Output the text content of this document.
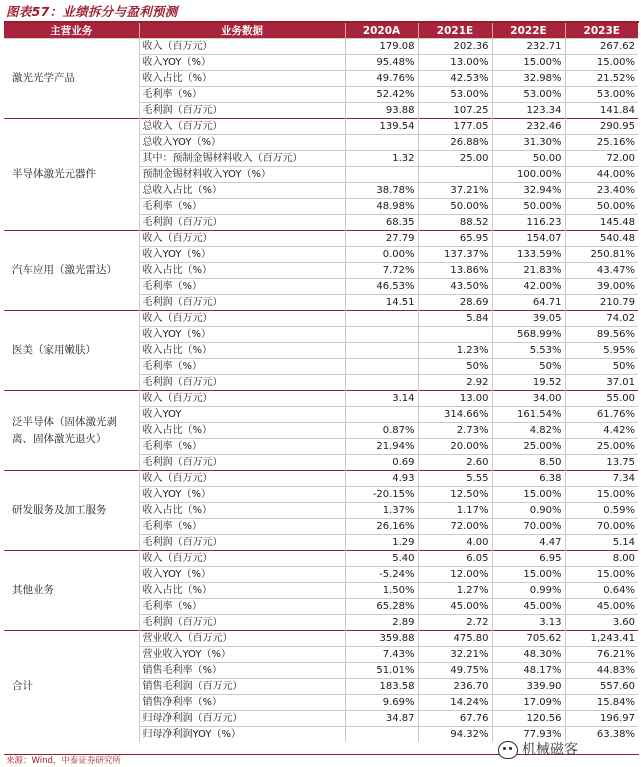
图表57：业绩拆分与盈利预测
主营业务	业务数据	2020A	2021E	2022E	2023E
激光光学产品	收入（百万元）	179.08	202.36	232.71	267.62
	收入YOY（%）	95.48%	13.00%	15.00%	15.00%
	收入占比（%）	49.76%	42.53%	32.98%	21.52%
	毛利率（%）	52.42%	53.00%	53.00%	53.00%
	毛利润（百万元）	93.88	107.25	123.34	141.84
半导体激光元器件	总收入（百万元）	139.54	177.05	232.46	290.95
	总收入YOY（%）		26.88%	31.30%	25.16%
	其中：预制金锡材料收入（百万元）	1.32	25.00	50.00	72.00
	预制金锡材料收入YOY（%）			100.00%	44.00%
	总收入占比（%）	38.78%	37.21%	32.94%	23.40%
	毛利率（%）	48.98%	50.00%	50.00%	50.00%
	毛利润（百万元）	68.35	88.52	116.23	145.48
汽车应用（激光雷达）	收入（百万元）	27.79	65.95	154.07	540.48
	收入YOY（%）	0.00%	137.37%	133.59%	250.81%
	收入占比（%）	7.72%	13.86%	21.83%	43.47%
	毛利率（%）	46.53%	43.50%	42.00%	39.00%
	毛利润（百万元）	14.51	28.69	64.71	210.79
医美（家用嫩肤）	收入（百万元）		5.84	39.05	74.02
	收入YOY（%）			568.99%	89.56%
	收入占比（%）		1.23%	5.53%	5.95%
	毛利率（%）		50%	50%	50%
	毛利润（百万元）		2.92	19.52	37.01
泛半导体（固体激光剥离、固体激光退火）	收入（百万元）	3.14	13.00	34.00	55.00
	收入YOY		314.66%	161.54%	61.76%
	收入占比（%）	0.87%	2.73%	4.82%	4.42%
	毛利率（%）	21.94%	20.00%	25.00%	25.00%
	毛利润（百万元）	0.69	2.60	8.50	13.75
研发服务及加工服务	收入（百万元）	4.93	5.55	6.38	7.34
	收入YOY（%）	-20.15%	12.50%	15.00%	15.00%
	收入占比（%）	1.37%	1.17%	0.90%	0.59%
	毛利率（%）	26.16%	72.00%	70.00%	70.00%
	毛利润（百万元）	1.29	4.00	4.47	5.14
其他业务	收入（百万元）	5.40	6.05	6.95	8.00
	收入YOY（%）	-5.24%	12.00%	15.00%	15.00%
	收入占比（%）	1.50%	1.27%	0.99%	0.64%
	毛利率（%）	65.28%	45.00%	45.00%	45.00%
	毛利润（百万元）	2.89	2.72	3.13	3.60
合计	营业收入（百万元）	359.88	475.80	705.62	1,243.41
	营业收入YOY（%）	7.43%	32.21%	48.30%	76.21%
	销售毛利率（%）	51.01%	49.75%	48.17%	44.83%
	销售毛利润（百万元）	183.58	236.70	339.90	557.60
	销售净利率（%）	9.69%	14.24%	17.09%	15.84%
	归母净利润（百万元）	34.87	67.76	120.56	196.97
	归母净利润YOY（%）		94.32%	77.93%	63.38%
来源：Wind，中泰证券研究所
机械磁客
